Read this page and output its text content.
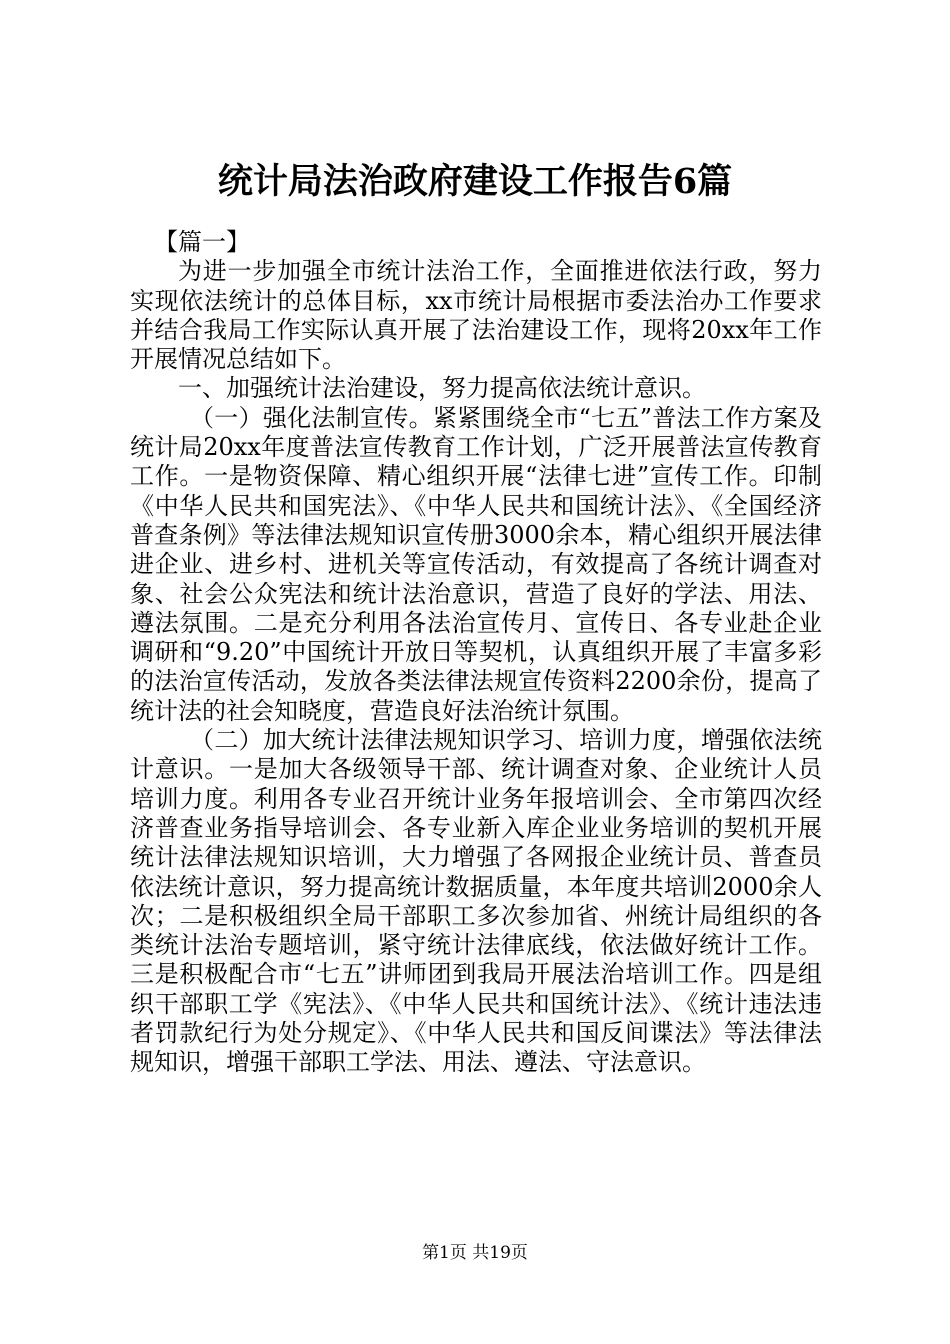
统计局法治政府建设工作报告6篇

【篇一】

为进一步加强全市统计法治工作，全面推进依法行政，努力实现依法统计的总体目标，xx市统计局根据市委法治办工作要求并结合我局工作实际认真开展了法治建设工作，现将20xx年工作开展情况总结如下。

一、加强统计法治建设，努力提高依法统计意识。

（一）强化法制宣传。紧紧围绕全市“七五”普法工作方案及统计局20xx年度普法宣传教育工作计划，广泛开展普法宣传教育工作。一是物资保障、精心组织开展“法律七进”宣传工作。印制《中华人民共和国宪法》、《中华人民共和国统计法》、《全国经济普查条例》等法律法规知识宣传册3000余本，精心组织开展法律进企业、进乡村、进机关等宣传活动，有效提高了各统计调查对象、社会公众宪法和统计法治意识，营造了良好的学法、用法、遵法氛围。二是充分利用各法治宣传月、宣传日、各专业赴企业调研和“9.20”中国统计开放日等契机，认真组织开展了丰富多彩的法治宣传活动，发放各类法律法规宣传资料2200余份，提高了统计法的社会知晓度，营造良好法治统计氛围。

（二）加大统计法律法规知识学习、培训力度，增强依法统计意识。一是加大各级领导干部、统计调查对象、企业统计人员培训力度。利用各专业召开统计业务年报培训会、全市第四次经济普查业务指导培训会、各专业新入库企业业务培训的契机开展统计法律法规知识培训，大力增强了各网报企业统计员、普查员依法统计意识，努力提高统计数据质量，本年度共培训2000余人次；二是积极组织全局干部职工多次参加省、州统计局组织的各类统计法治专题培训，紧守统计法律底线，依法做好统计工作。三是积极配合市“七五”讲师团到我局开展法治培训工作。四是组织干部职工学《宪法》、《中华人民共和国统计法》、《统计违法违者罚款纪行为处分规定》、《中华人民共和国反间谍法》等法律法规知识，增强干部职工学法、用法、遵法、守法意识。

第1页 共19页
